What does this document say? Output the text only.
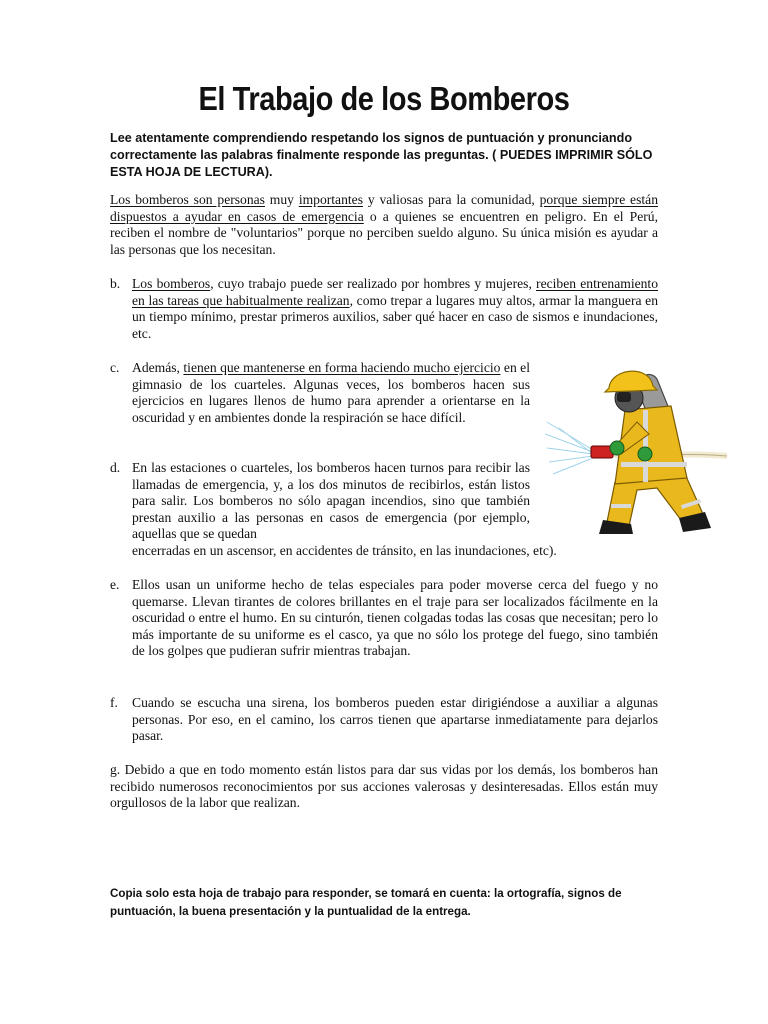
El Trabajo de los Bomberos

Lee atentamente comprendiendo respetando los signos de puntuación y pronunciando correctamente las palabras finalmente responde las preguntas. ( PUEDES IMPRIMIR SÓLO ESTA HOJA DE LECTURA).

Los bomberos son personas muy importantes y valiosas para la comunidad, porque siempre están dispuestos a ayudar en casos de emergencia o a quienes se encuentren en peligro. En el Perú, reciben el nombre de "voluntarios" porque no perciben sueldo alguno. Su única misión es ayudar a las personas que los necesitan.

b. Los bomberos, cuyo trabajo puede ser realizado por hombres y mujeres, reciben entrenamiento en las tareas que habitualmente realizan, como trepar a lugares muy altos, armar la manguera en un tiempo mínimo, prestar primeros auxilios, saber qué hacer en caso de sismos e inundaciones, etc.
c. Además, tienen que mantenerse en forma haciendo mucho ejercicio en el gimnasio de los cuarteles. Algunas veces, los bomberos hacen sus ejercicios en lugares llenos de humo para aprender a orientarse en la oscuridad y en ambientes donde la respiración se hace difícil.
d. En las estaciones o cuarteles, los bomberos hacen turnos para recibir las llamadas de emergencia, y, a los dos minutos de recibirlos, están listos para salir. Los bomberos no sólo apagan incendios, sino que también prestan auxilio a las personas en casos de emergencia (por ejemplo, aquellas que se quedan
encerradas en un ascensor, en accidentes de tránsito, en las inundaciones, etc).
e. Ellos usan un uniforme hecho de telas especiales para poder moverse cerca del fuego y no quemarse. Llevan tirantes de colores brillantes en el traje para ser localizados fácilmente en la oscuridad o entre el humo. En su cinturón, tienen colgadas todas las cosas que necesitan; pero lo más importante de su uniforme es el casco, ya que no sólo los protege del fuego, sino también de los golpes que pudieran sufrir mientras trabajan.
f. Cuando se escucha una sirena, los bomberos pueden estar dirigiéndose a auxiliar a algunas personas. Por eso, en el camino, los carros tienen que apartarse inmediatamente para dejarlos pasar.

g. Debido a que en todo momento están listos para dar sus vidas por los demás, los bomberos han recibido numerosos reconocimientos por sus acciones valerosas y desinteresadas. Ellos están muy orgullosos de la labor que realizan.

Copia solo esta hoja de trabajo para responder, se tomará en cuenta: la ortografía, signos de puntuación, la buena presentación y la puntualidad de la entrega.
